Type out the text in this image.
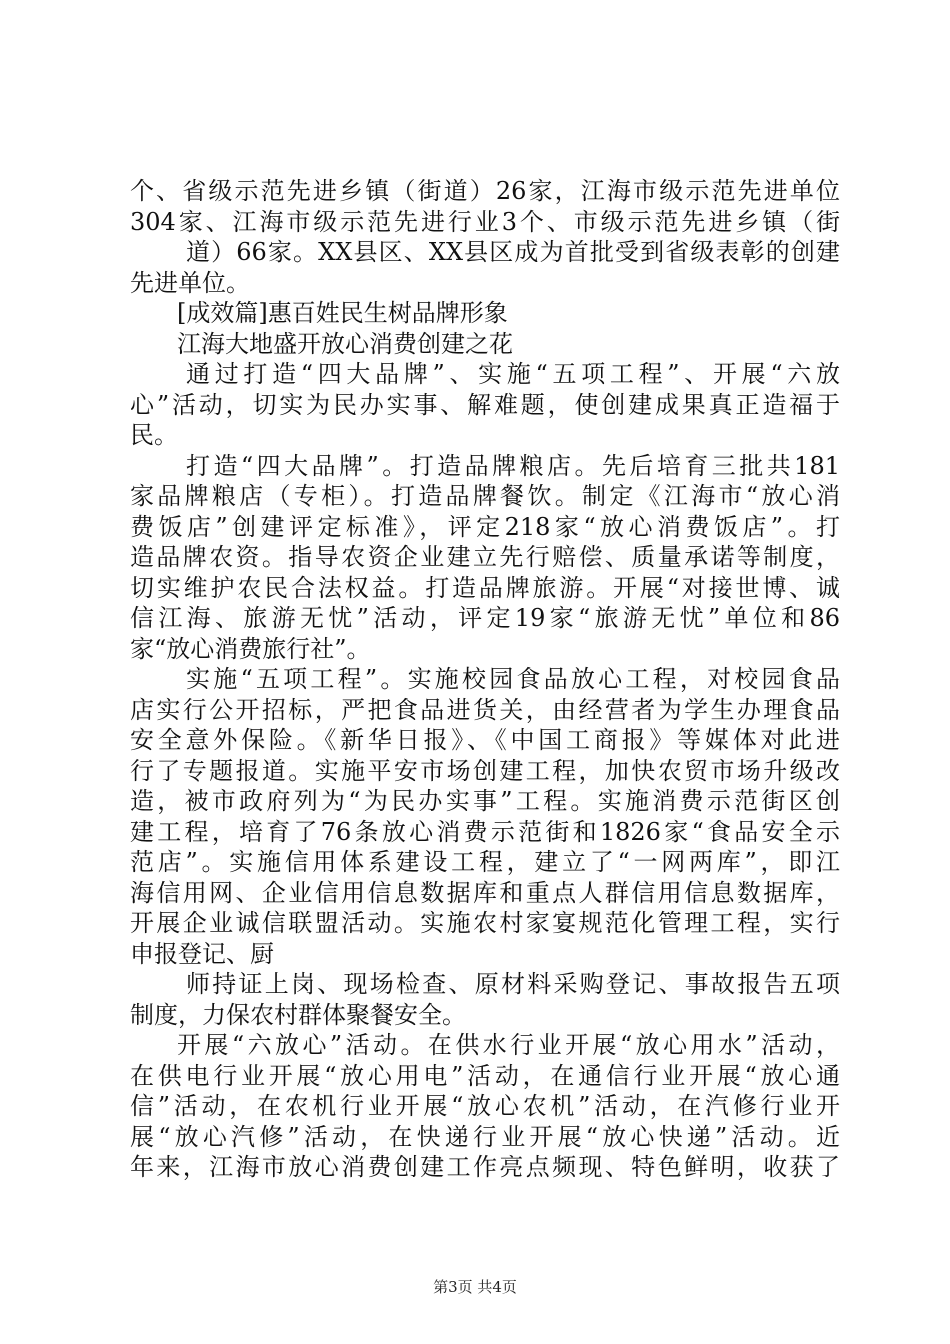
个、省级示范先进乡镇（街道）26家，江海市级示范先进单位
304家、江海市级示范先进行业3个、市级示范先进乡镇（街
道）66家。XX县区、XX县区成为首批受到省级表彰的创建
先进单位。
[成效篇]惠百姓民生树品牌形象
江海大地盛开放心消费创建之花
通过打造“四大品牌”、实施“五项工程”、开展“六放
心”活动，切实为民办实事、解难题，使创建成果真正造福于
民。
打造“四大品牌”。打造品牌粮店。先后培育三批共181
家品牌粮店（专柜）。打造品牌餐饮。制定《江海市“放心消
费饭店”创建评定标准》，评定218家“放心消费饭店”。打
造品牌农资。指导农资企业建立先行赔偿、质量承诺等制度，
切实维护农民合法权益。打造品牌旅游。开展“对接世博、诚
信江海、旅游无忧”活动，评定19家“旅游无忧”单位和86
家“放心消费旅行社”。
实施“五项工程”。实施校园食品放心工程，对校园食品
店实行公开招标，严把食品进货关，由经营者为学生办理食品
安全意外保险。《新华日报》、《中国工商报》等媒体对此进
行了专题报道。实施平安市场创建工程，加快农贸市场升级改
造，被市政府列为“为民办实事”工程。实施消费示范街区创
建工程，培育了76条放心消费示范街和1826家“食品安全示
范店”。实施信用体系建设工程，建立了“一网两库”，即江
海信用网、企业信用信息数据库和重点人群信用信息数据库，
开展企业诚信联盟活动。实施农村家宴规范化管理工程，实行
申报登记、厨
师持证上岗、现场检查、原材料采购登记、事故报告五项
制度，力保农村群体聚餐安全。
开展“六放心”活动。在供水行业开展“放心用水”活动，
在供电行业开展“放心用电”活动，在通信行业开展“放心通
信”活动，在农机行业开展“放心农机”活动，在汽修行业开
展“放心汽修”活动，在快递行业开展“放心快递”活动。近
年来，江海市放心消费创建工作亮点频现、特色鲜明，收获了
第3页 共4页
